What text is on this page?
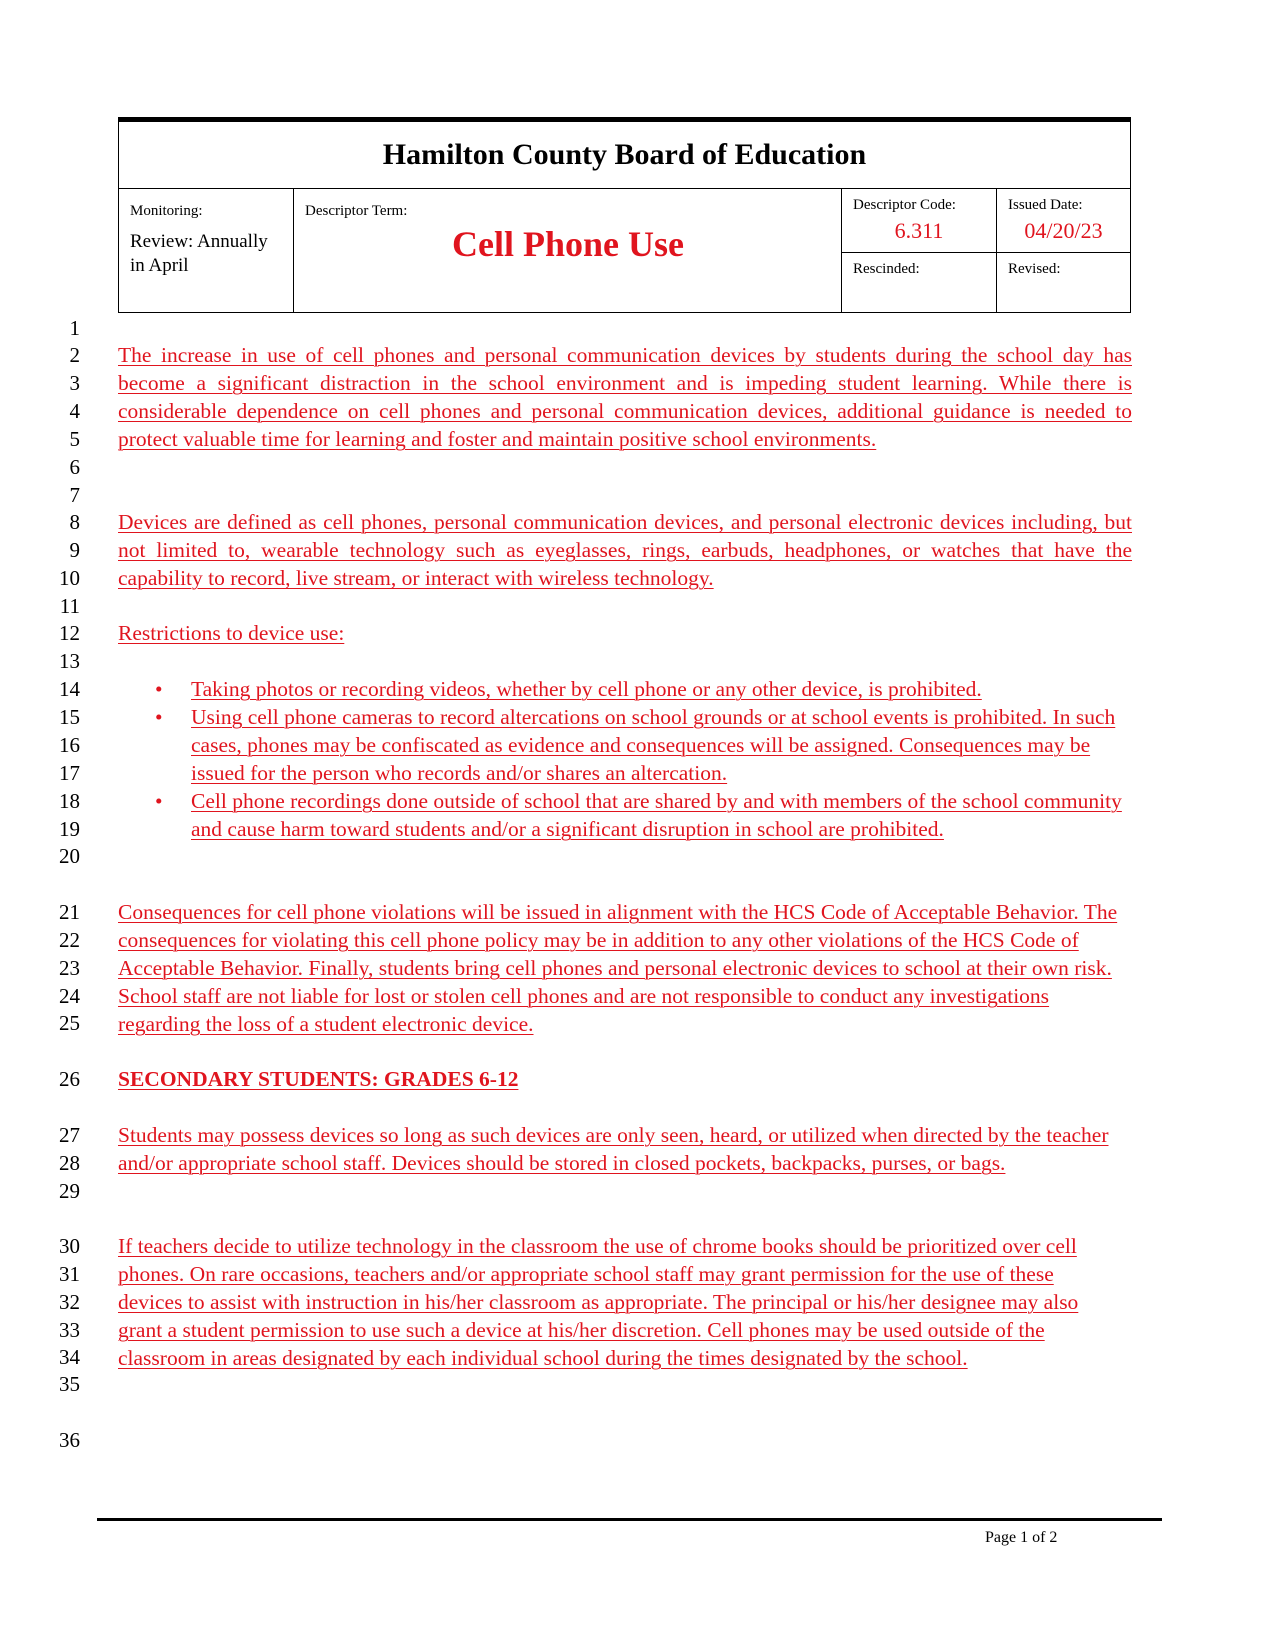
Hamilton County Board of Education
Monitoring:
Review: Annually in April
Descriptor Term:
Cell Phone Use
Descriptor Code:
6.311
Issued Date:
04/20/23
Rescinded:	Revised:
1
2
3
4
5
6
7
8
9
10
11
12
13
14
15
16
17
18
19
20
21
22
23
24
25
26
27
28
29
30
31
32
33
34
35
36
The increase in use of cell phones and personal communication devices by students during the school day has become a significant distraction in the school environment and is impeding student learning. While there is considerable dependence on cell phones and personal communication devices, additional guidance is needed to protect valuable time for learning and foster and maintain positive school environments.
Devices are defined as cell phones, personal communication devices, and personal electronic devices including, but not limited to, wearable technology such as eyeglasses, rings, earbuds, headphones, or watches that have the capability to record, live stream, or interact with wireless technology.
Restrictions to device use:
• Taking photos or recording videos, whether by cell phone or any other device, is prohibited.
• Using cell phone cameras to record altercations on school grounds or at school events is prohibited. In such cases, phones may be confiscated as evidence and consequences will be assigned. Consequences may be issued for the person who records and/or shares an altercation.
• Cell phone recordings done outside of school that are shared by and with members of the school community and cause harm toward students and/or a significant disruption in school are prohibited.
Consequences for cell phone violations will be issued in alignment with the HCS Code of Acceptable Behavior. The consequences for violating this cell phone policy may be in addition to any other violations of the HCS Code of Acceptable Behavior. Finally, students bring cell phones and personal electronic devices to school at their own risk. School staff are not liable for lost or stolen cell phones and are not responsible to conduct any investigations regarding the loss of a student electronic device.
SECONDARY STUDENTS: GRADES 6-12
Students may possess devices so long as such devices are only seen, heard, or utilized when directed by the teacher and/or appropriate school staff. Devices should be stored in closed pockets, backpacks, purses, or bags.
If teachers decide to utilize technology in the classroom the use of chrome books should be prioritized over cell phones. On rare occasions, teachers and/or appropriate school staff may grant permission for the use of these devices to assist with instruction in his/her classroom as appropriate. The principal or his/her designee may also grant a student permission to use such a device at his/her discretion. Cell phones may be used outside of the classroom in areas designated by each individual school during the times designated by the school.
Page 1 of 2
